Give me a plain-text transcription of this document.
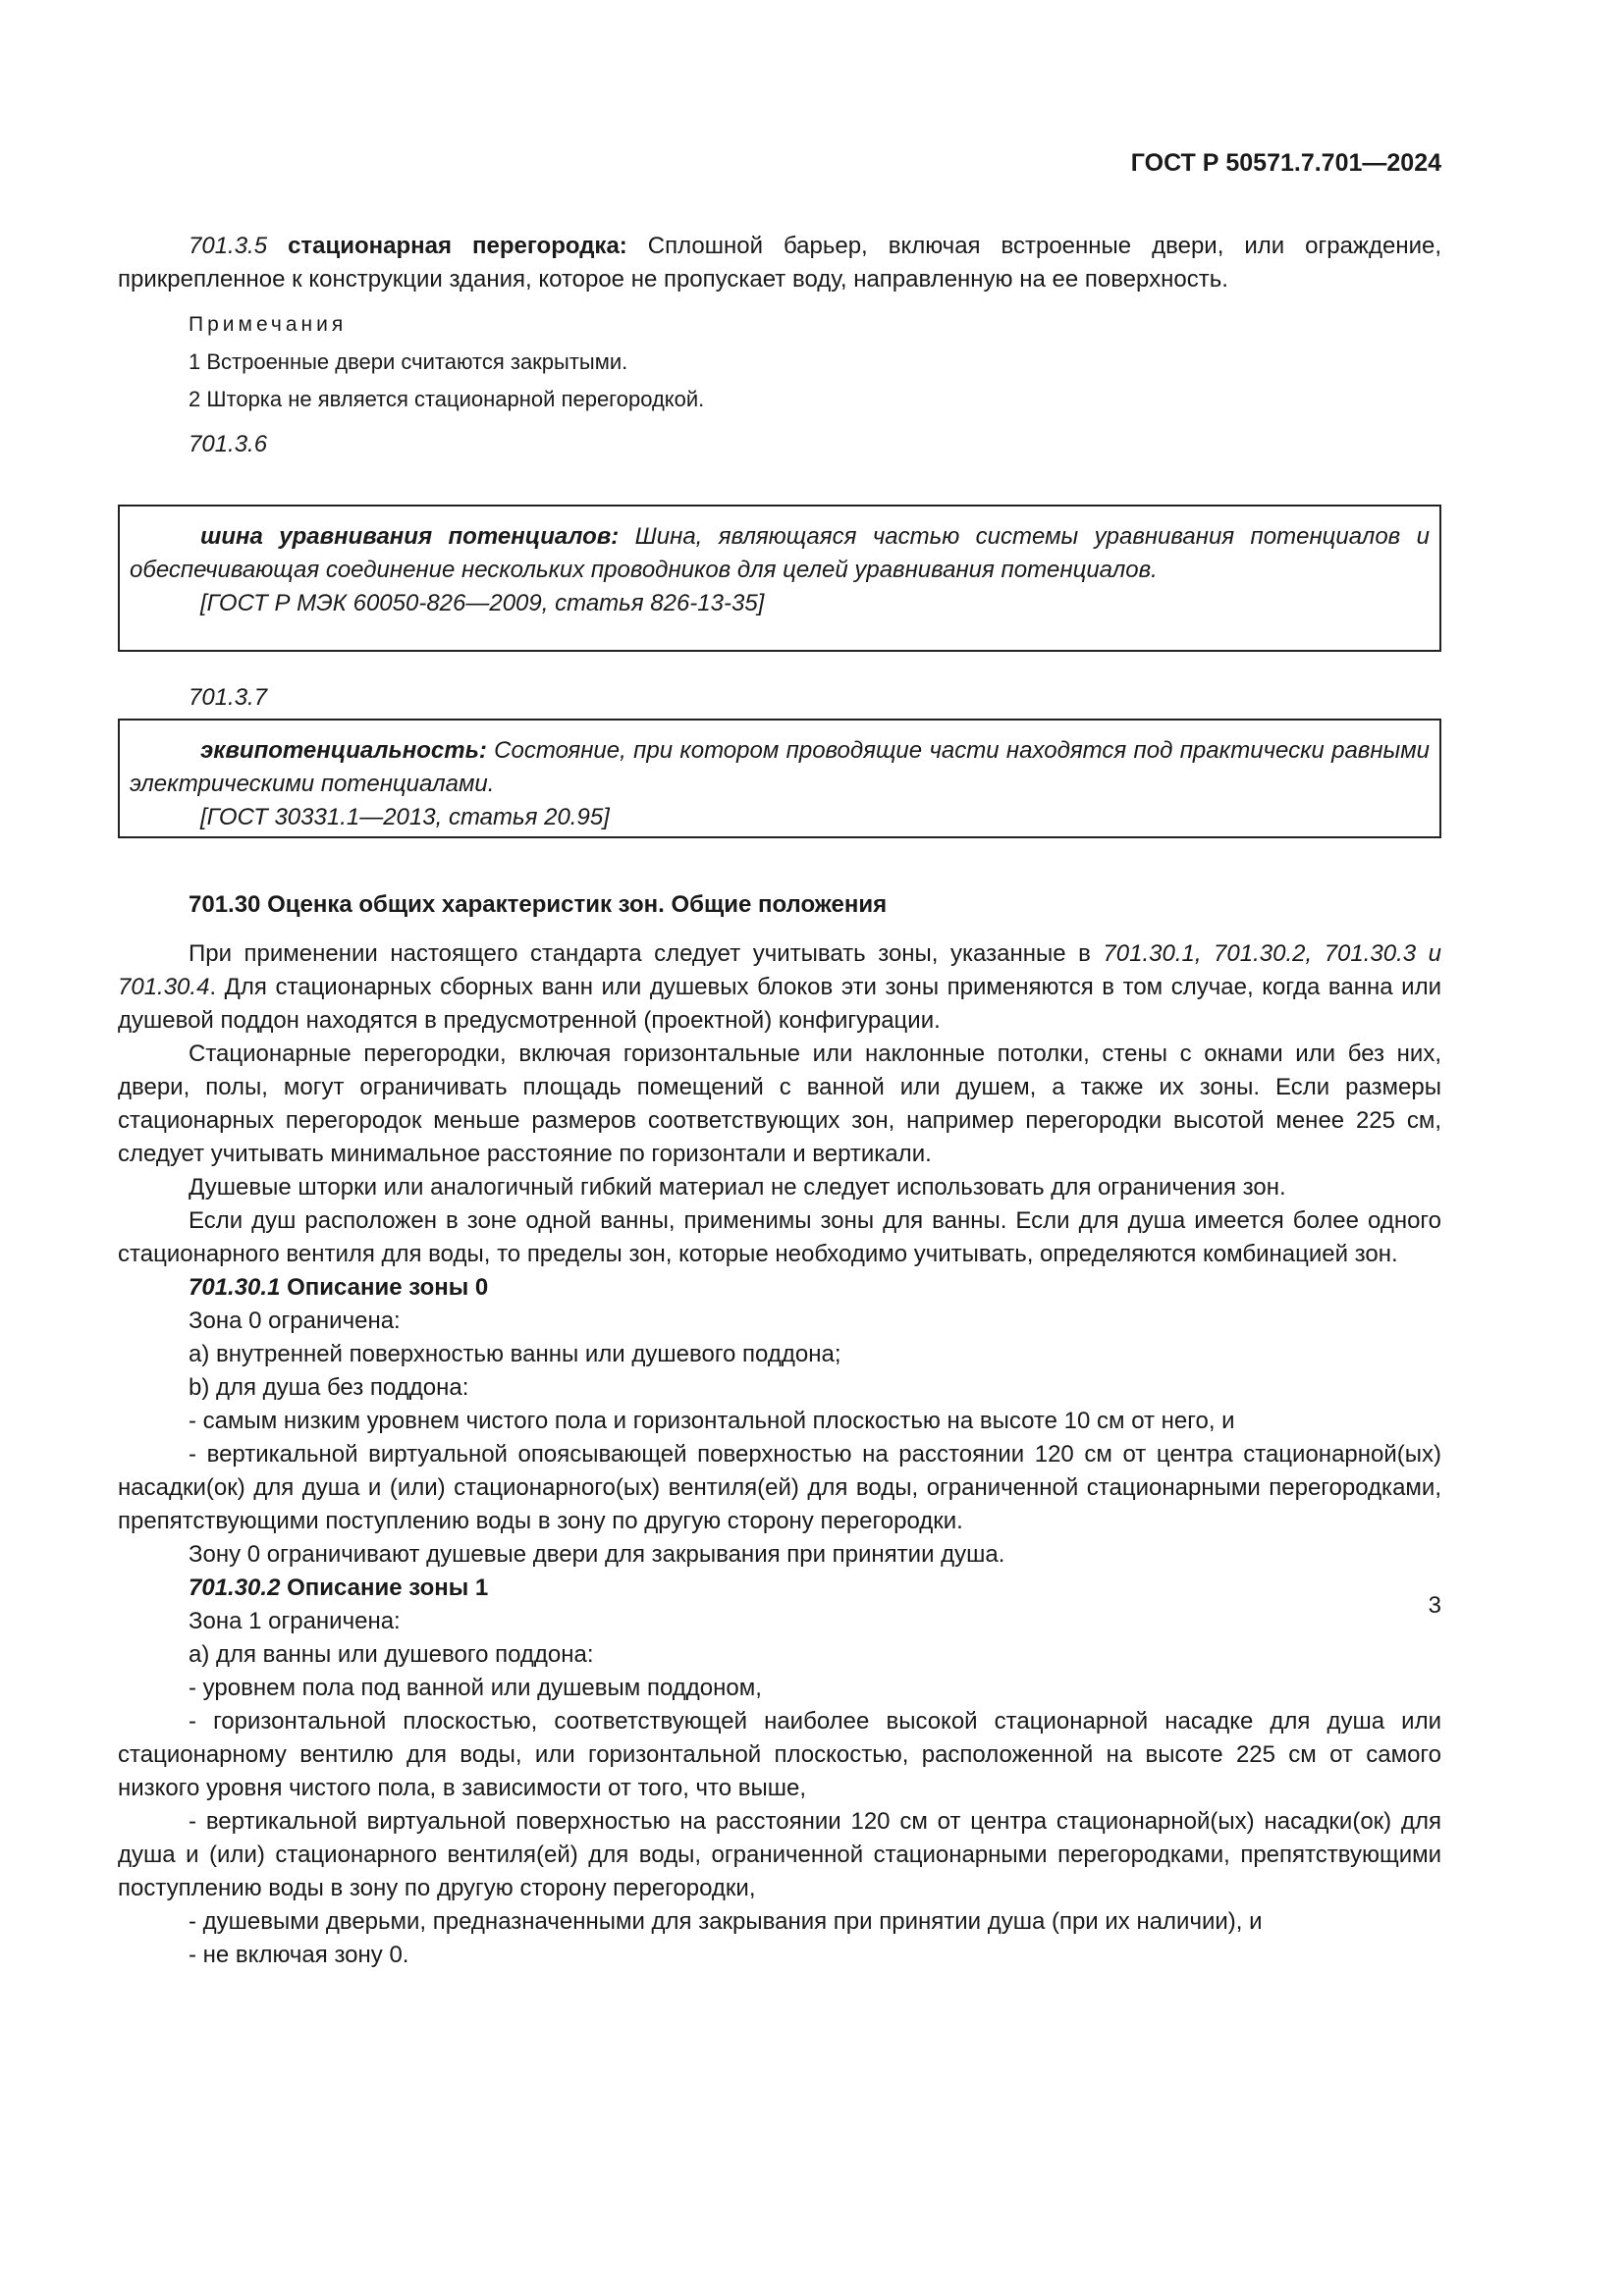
ГОСТ Р 50571.7.701—2024

701.3.5 стационарная перегородка: Сплошной барьер, включая встроенные двери, или ограждение, прикрепленное к конструкции здания, которое не пропускает воду, направленную на ее поверхность.

Примечания

1 Встроенные двери считаются закрытыми.

2 Шторка не является стационарной перегородкой.

701.3.6

шина уравнивания потенциалов: Шина, являющаяся частью системы уравнивания потенциалов и обеспечивающая соединение нескольких проводников для целей уравнивания потенциалов.

[ГОСТ Р МЭК 60050-826—2009, статья 826-13-35]

701.3.7

эквипотенциальность: Состояние, при котором проводящие части находятся под практически равными электрическими потенциалами.

[ГОСТ 30331.1—2013, статья 20.95]

701.30 Оценка общих характеристик зон. Общие положения

При применении настоящего стандарта следует учитывать зоны, указанные в 701.30.1, 701.30.2, 701.30.3 и 701.30.4. Для стационарных сборных ванн или душевых блоков эти зоны применяются в том случае, когда ванна или душевой поддон находятся в предусмотренной (проектной) конфигурации.

Стационарные перегородки, включая горизонтальные или наклонные потолки, стены с окнами или без них, двери, полы, могут ограничивать площадь помещений с ванной или душем, а также их зоны. Если размеры стационарных перегородок меньше размеров соответствующих зон, например перегородки высотой менее 225 см, следует учитывать минимальное расстояние по горизонтали и вертикали.

Душевые шторки или аналогичный гибкий материал не следует использовать для ограничения зон.

Если душ расположен в зоне одной ванны, применимы зоны для ванны. Если для душа имеется более одного стационарного вентиля для воды, то пределы зон, которые необходимо учитывать, определяются комбинацией зон.

701.30.1 Описание зоны 0

Зона 0 ограничена:

а) внутренней поверхностью ванны или душевого поддона;

b) для душа без поддона:

- самым низким уровнем чистого пола и горизонтальной плоскостью на высоте 10 см от него, и

- вертикальной виртуальной опоясывающей поверхностью на расстоянии 120 см от центра стационарной(ых) насадки(ок) для душа и (или) стационарного(ых) вентиля(ей) для воды, ограниченной стационарными перегородками, препятствующими поступлению воды в зону по другую сторону перегородки.

Зону 0 ограничивают душевые двери для закрывания при принятии душа.

701.30.2 Описание зоны 1

Зона 1 ограничена:

а) для ванны или душевого поддона:

- уровнем пола под ванной или душевым поддоном,

- горизонтальной плоскостью, соответствующей наиболее высокой стационарной насадке для душа или стационарному вентилю для воды, или горизонтальной плоскостью, расположенной на высоте 225 см от самого низкого уровня чистого пола, в зависимости от того, что выше,

- вертикальной виртуальной поверхностью на расстоянии 120 см от центра стационарной(ых) насадки(ок) для душа и (или) стационарного вентиля(ей) для воды, ограниченной стационарными перегородками, препятствующими поступлению воды в зону по другую сторону перегородки,

- душевыми дверьми, предназначенными для закрывания при принятии душа (при их наличии), и

- не включая зону 0.

3
